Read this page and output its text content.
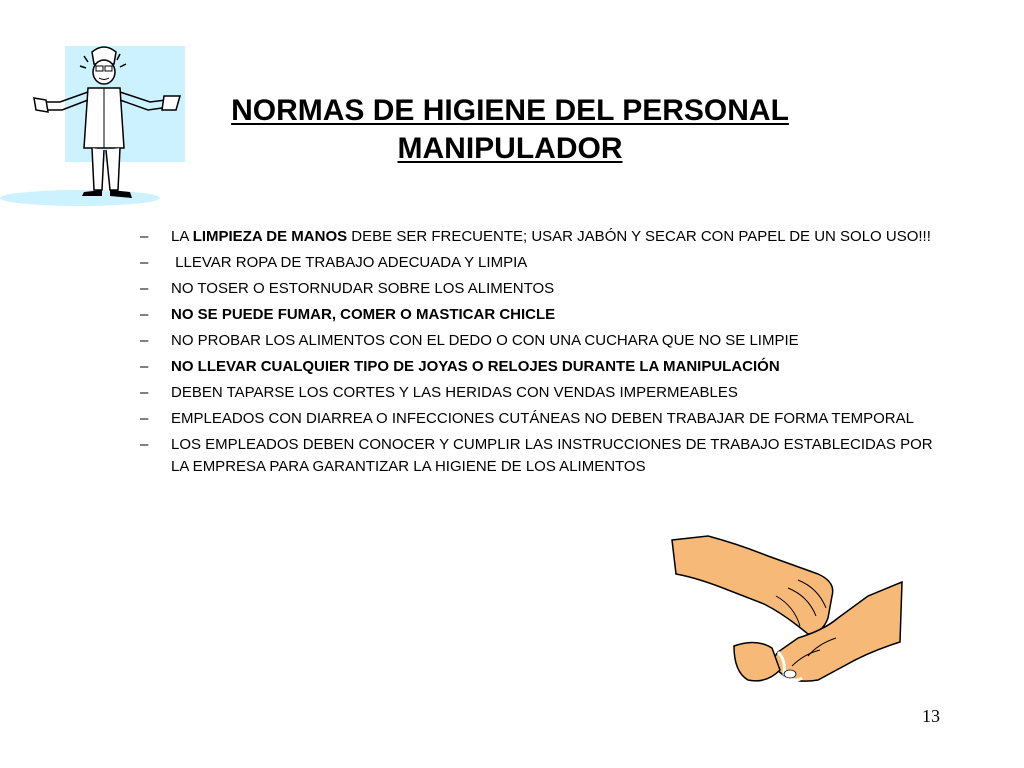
NORMAS DE HIGIENE DEL PERSONAL
MANIPULADOR
– LA LIMPIEZA DE MANOS DEBE SER FRECUENTE; USAR JABÓN Y SECAR CON PAPEL DE UN SOLO USO!!!
– LLEVAR ROPA DE TRABAJO ADECUADA Y LIMPIA
– NO TOSER O ESTORNUDAR SOBRE LOS ALIMENTOS
– NO SE PUEDE FUMAR, COMER O MASTICAR CHICLE
– NO PROBAR LOS ALIMENTOS CON EL DEDO O CON UNA CUCHARA QUE NO SE LIMPIE
– NO LLEVAR CUALQUIER TIPO DE JOYAS O RELOJES DURANTE LA MANIPULACIÓN
– DEBEN TAPARSE LOS CORTES Y LAS HERIDAS CON VENDAS IMPERMEABLES
– EMPLEADOS CON DIARREA O INFECCIONES CUTÁNEAS NO DEBEN TRABAJAR DE FORMA TEMPORAL
– LOS EMPLEADOS DEBEN CONOCER Y CUMPLIR LAS INSTRUCCIONES DE TRABAJO ESTABLECIDAS POR LA EMPRESA PARA GARANTIZAR LA HIGIENE DE LOS ALIMENTOS
13
